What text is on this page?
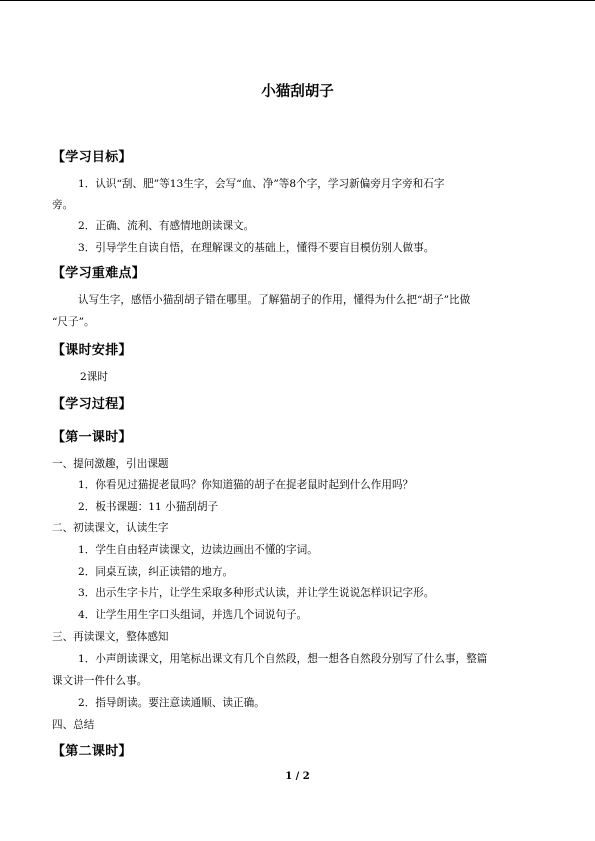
小猫刮胡子
【学习目标】
1．认识“刮、肥”等13生字，会写“血、净”等8个字，学习新偏旁月字旁和石字
旁。
2．正确、流利、有感情地朗读课文。
3．引导学生自读自悟，在理解课文的基础上，懂得不要盲目模仿别人做事。
【学习重难点】
认写生字，感悟小猫刮胡子错在哪里。了解猫胡子的作用，懂得为什么把“胡子”比做
“尺子”。
【课时安排】
2课时
【学习过程】
【第一课时】
一、提问激趣，引出课题
1．你看见过猫捉老鼠吗？你知道猫的胡子在捉老鼠时起到什么作用吗？
2．板书课题：11 小猫刮胡子
二、初读课文，认读生字
1．学生自由轻声读课文，边读边画出不懂的字词。
2．同桌互读，纠正读错的地方。
3．出示生字卡片，让学生采取多种形式认读，并让学生说说怎样识记字形。
4．让学生用生字口头组词，并选几个词说句子。
三、再读课文，整体感知
1．小声朗读课文，用笔标出课文有几个自然段，想一想各自然段分别写了什么事，整篇
课文讲一件什么事。
2．指导朗读。要注意读通顺、读正确。
四、总结
【第二课时】
1 / 2
